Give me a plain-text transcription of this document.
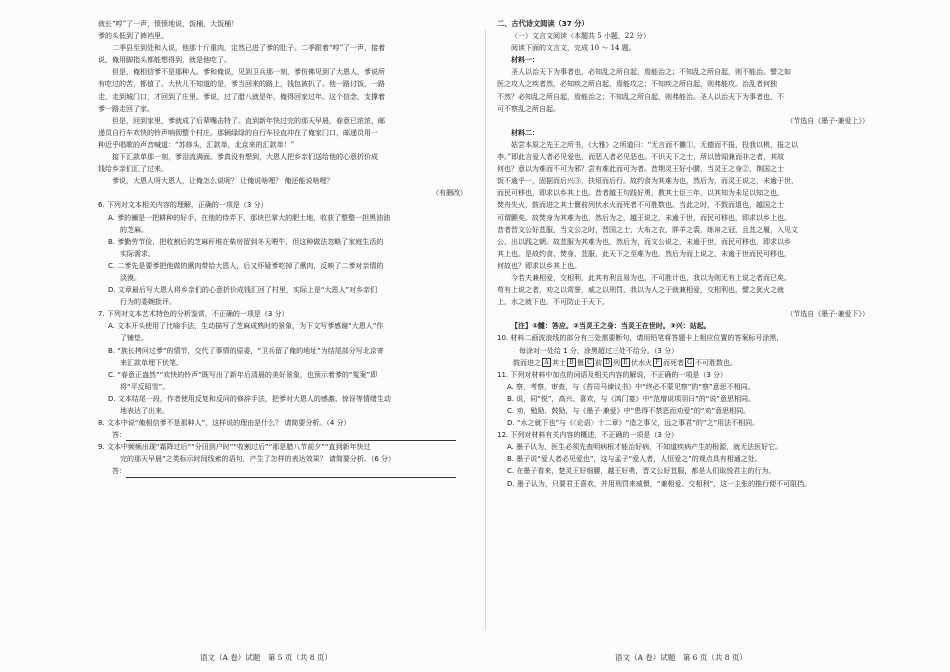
就长“哼”了一声，愤愤地说，饭桶，大饭桶！
爹的头低到了裤裆里。
二季县至到处和人说，他那十斤重肉，定然已进了爹的肚子。二季跟着“哼”了一声，接着
说，俺用脚指头都能想得到，就是他吃了。
但是，俺相信爹不是那种人。爹和俺说，见到卫兵那一刻，爹仿佛见到了大恩人，爹说所
有吃过的苦，都值了。大伙儿不知道的是，爹当回来的路上，钱包被扒了。他一路讨饭，一路
走，走到城门口，才回到了庄里。爹说，过了腊八就是年，俺得回家过年。这个信念，支撑着
爹一路走回了家。
但是，回到家里，爹就成了后辈嘴击特了。直到新年快过完的那天早晨，春意已浓浓，邮
递员自行车欢快的铃声响彻整个村庄。那辆绿绿的自行车径直冲在了俺家门口，邮递员用一
种近乎唱歌的声音喊道：“苏修头，汇款单，北京来的汇款单！”
接下汇款单那一刻，爹泪流满面。爹真没有想到，大恩人把乡亲们送给他的心意折价成
钱给乡亲们汇了过来。
爹说，大恩人呀大恩人，让俺怎么说呢？ 让俺说啥哩？ 俺还能说啥哩？
（有删改）
6. 下列对文本相关内容的理解，正确的一项是（3 分）
A. 爹的禰是一把耕种的好手，在他的侍弄下，那块巴掌大的肥土地，收获了整整一担黑油油
的芝麻。
B. 爹勤劳节俭，把收割后的芝麻秆堆在柴房留到冬天喂牛，但这种做法忽略了家庭生活的
实际需求。
C. 二爹先是要爹把他做的熏肉带给大恩人，后又怀疑爹吃掉了熏肉，反映了二爹对亲情的
淡漠。
D. 文章最后写大恩人将乡亲们的心意折价成钱汇回了村里，实际上是“大恩人”对乡亲们
行为的委婉批评。
7. 下列对文本艺术特色的分析鉴赏，不正确的一项是（3 分）
A. 文本开头使用了比喻手法，生动描写了芝麻成熟时的景象，为下文写爹感谢“大恩人”作
了铺垫。
B. “族长拷问过爹”的情节，交代了事情的原委，“卫兵留了俺的地址”为结尾部分写北京寄
来汇款单埋下伏笔。
C. “春意正盎然”“欢快的铃声”既写出了新年后清晨的美好景象，也预示着爹的“冤案”即
将“平反昭雪”。
D. 文本结尾一段，作者使用反复和反问的修辞手法，把爹对大恩人的感激、惊讶等情绪生动
地表达了出来。
8. 文本中说“俺相信爹不是那种人”，这样说的理由是什么？ 请简要分析。（4 分）
答：
9. 文本中频频出现“霜降过后”“分田到户时”“收割过后”“那是腊八节前夕”“直到新年快过
完的那天早晨”之类标示时间线索的语句，产生了怎样的表达效果？ 请简要分析。（6 分）
答：
二、古代诗文阅读（37 分）
（一）文言文阅读（本题共 5 小题，22 分）
阅读下面的文言文，完成 10 ～ 14 题。
材料一：
圣人以治天下为事者也，必知乱之所自起，焉能治之；不知乱之所自起，则不能治。譬之如
医之攻人之疾者然，必知疾之所自起，焉能攻之；不知疾之所自起，则弗能攻。治乱者何独
不然？必知乱之所自起，焉能治之；不知乱之所自起，则弗能治。圣人以治天下为事者也，不
可不察乱之所自起。
（节选自《墨子·兼爱上》）
材料二：
姑尝本原之先王之所书，《大雅》之所道曰：“无言而不雠①，无德而不报，投我以桃，报之以
李。”即此言爱人者必见爱也，而恶人者必见恶也。不识天下之士，所以皆闻兼而非之者，其故
何也？意以为难而不可为邪？尝有难此而可为者。昔荆灵王好小腰，当灵王之身②，荆国之士
饭不逾乎一，固据而后兴③，扶垣而后行。故约食为其难为也，然后为，而灵王说之，未逾于世，
而民可移也，即求以乡其上也。昔者越王句践好勇，教其士臣三年，以其知为未足以知之也，
焚舟失火，鼓而进之其士偃前列伏水火而死者不可胜数也。当此之时，不鼓而退也，越国之士
可谓颤矣。故焚身为其难为也，然后为之，越王说之，未逾于世，而民可移也，即求以乡上也。
昔者晋文公好苴服，当文公之时，晋国之士，大布之衣，牂羊之裘，练帛之冠，且苴之履，入见文
公，出以践之朝。故苴服为其难为也，然后为，而文公说之，未逾于世，而民可移也，即求以乡
其上也。是故约食、焚身、苴服，此天下之至难为也，然后为而上说之，未逾于世而民可移也，
何故也？即求以乡其上也。
今若夫兼相爱，交相利，此其有利且易为也，不可胜计也，我以为则无有上说之者而已矣。
苟有上说之者，劝之以赏誉，威之以刑罚，我以为人之于就兼相爱，交相利也，譬之犹火之就
上，水之就下也，不可防止于天下。
（节选自《墨子·兼爱下》）
【注】①雠：答应。②当灵王之身：当灵王在世时。③兴：站起。
10. 材料二画波浪线的部分有三处需要断句，请用铅笔将答题卡上相应位置的答案标号涂黑，
每涂对一处给 1 分，涂黑超过三处不给分。（3 分）
鼓而进之 A 其士 B 偃 C 前 D 列 E 伏水火 F 而死者 G 不可胜数也。
11. 下列对材料中加点的词语及相关内容的解说，不正确的一项是（3 分）
A. 察，考察，审查，与《苔司马谏议书》中“终必不蒙见察”的“察”意思不相同。
B. 说，同“悦”，高兴、喜欢，与《鸿门宴》中“范增说项羽曰”的“说”意思相同。
C. 劝，勉励、鼓励，与《墨子·兼爱》中“患得不禁恶而劝爱”的“劝”意思相同。
D. “水之就下也”与《〈论语〉十二章》“造之事父，远之事君”的“之”用法不相同。
12. 下列对材料有关内容的概述，不正确的一项是（3 分）
A. 墨子认为，医生必须先查明病根才能治好病，不知道疾病产生的根源，就无法医好它。
B. 墨子说“爱人者必见爱也”，这与孟子“爱人者，人恒爱之”的观点具有相通之处。
C. 在墨子看来，楚灵王好细腰，越王好勇，晋文公好苴服，都是人们取悦君主的行为。
D. 墨子认为，只要君王喜欢，并用刑罚来威慑，“兼相爱、交相利”，这一主张的推行便不可阻挡。
语文（A 卷）试题　第 5 页（共 8 页）	语文（A 卷）试题　第 6 页（共 8 页）
